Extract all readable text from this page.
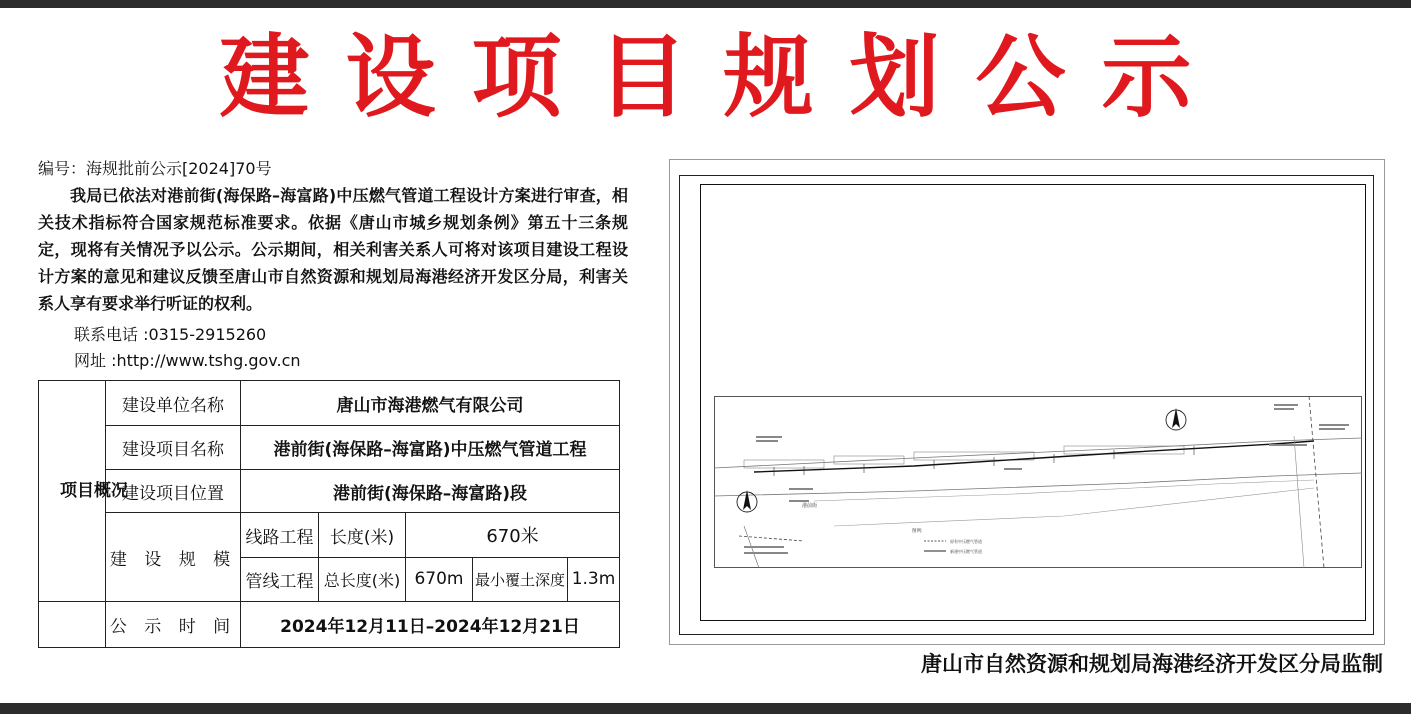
建设项目规划公示
编号：海规批前公示[2024]70号
我局已依法对港前街(海保路–海富路)中压燃气管道工程设计方案进行审查，相关技术指标符合国家规范标准要求。依据《唐山市城乡规划条例》第五十三条规定，现将有关情况予以公示。公示期间，相关利害关系人可将对该项目建设工程设计方案的意见和建议反馈至唐山市自然资源和规划局海港经济开发区分局，利害关系人享有要求举行听证的权利。
联系电话 :0315-2915260
网址 :http://www.tshg.gov.cn
项目概况	建设单位名称	唐山市海港燃气有限公司				
	建设项目名称	港前街(海保路–海富路)中压燃气管道工程				
	建设项目位置	港前街(海保路–海富路)段				
	建 设 规 模	线路工程	长度(米)	670米		
		管线工程	总长度(米)	670m	最小覆土深度	1.3m
	公 示 时 间	2024年12月11日–2024年12月21日				
港前街
图例:
原有中压燃气管道
新建中压燃气管道
唐山市自然资源和规划局海港经济开发区分局监制
